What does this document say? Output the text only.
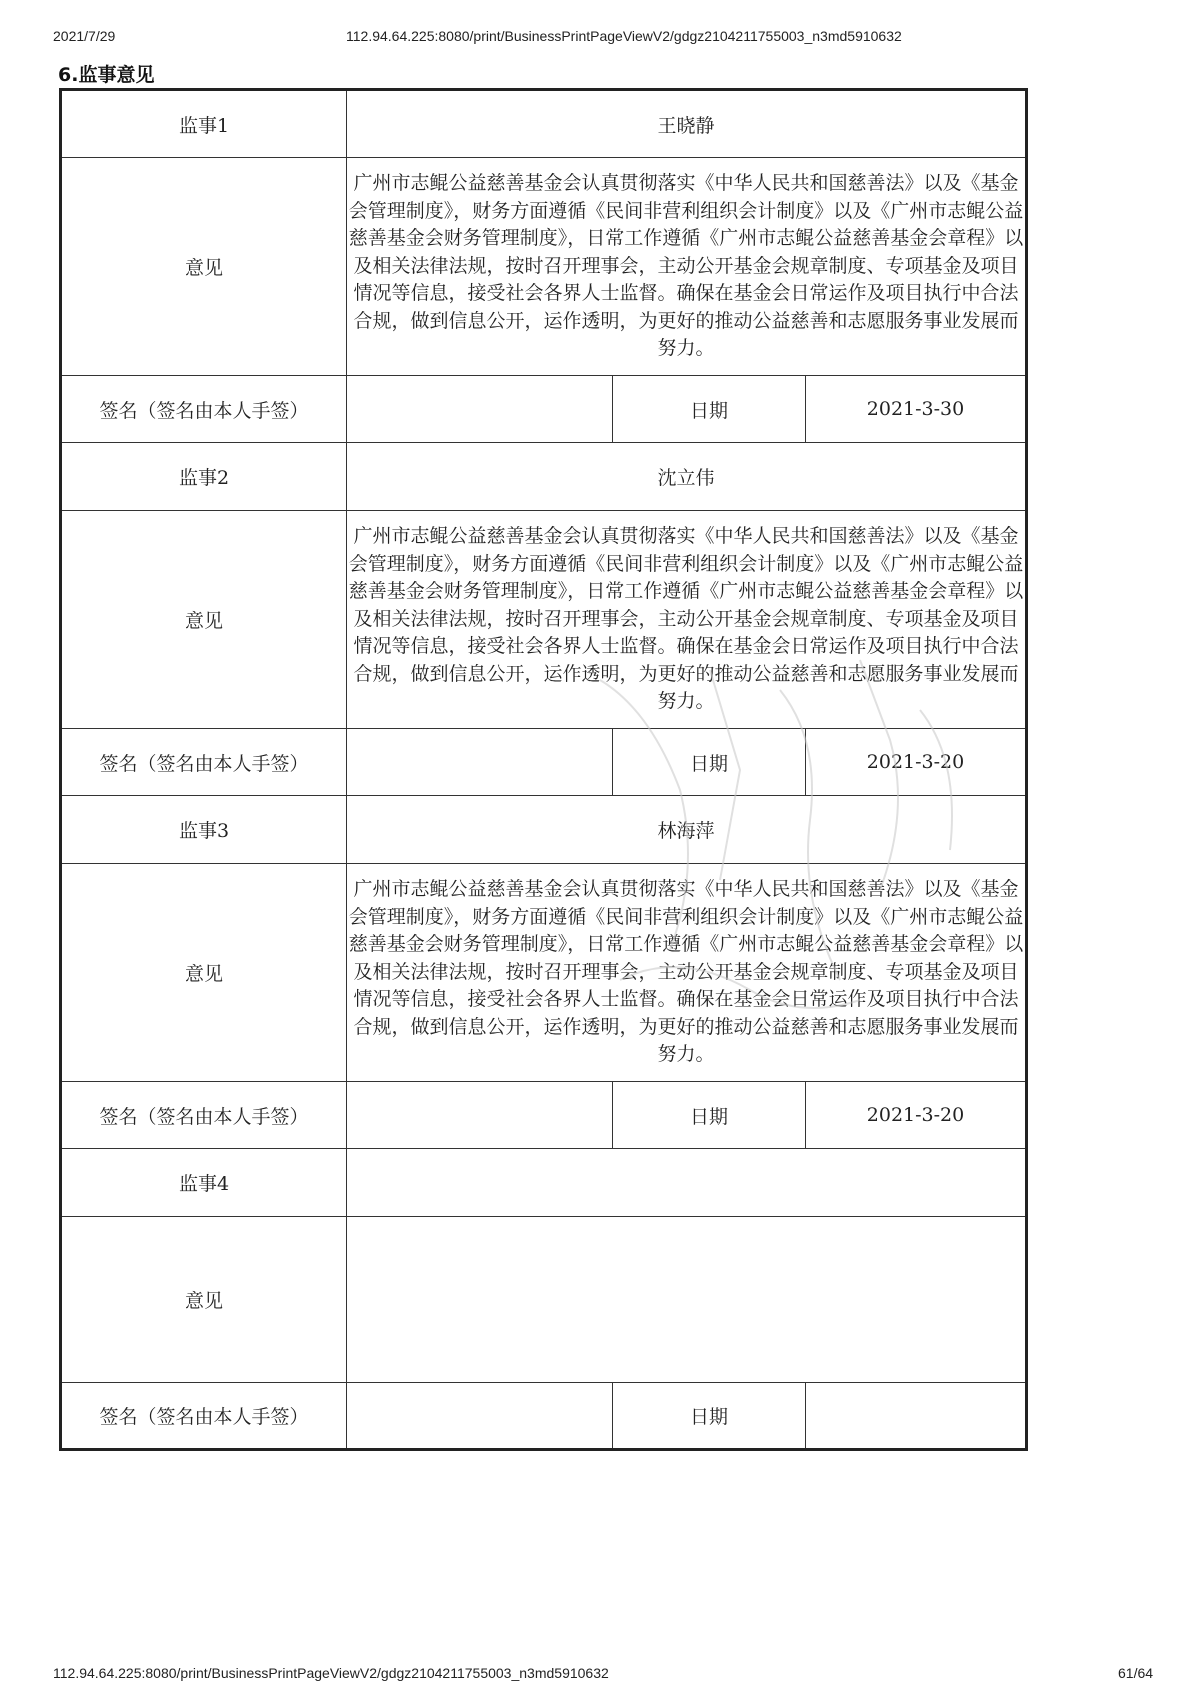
2021/7/29	112.94.64.225:8080/print/BusinessPrintPageViewV2/gdgz2104211755003_n3md5910632
6.监事意见
监事1	王晓静		
意见	广州市志鲲公益慈善基金会认真贯彻落实《中华人民共和国慈善法》以及《基金会管理制度》，财务方面遵循《民间非营利组织会计制度》以及《广州市志鲲公益慈善基金会财务管理制度》，日常工作遵循《广州市志鲲公益慈善基金会章程》以及相关法律法规，按时召开理事会，主动公开基金会规章制度、专项基金及项目情况等信息，接受社会各界人士监督。确保在基金会日常运作及项目执行中合法合规，做到信息公开，运作透明，为更好的推动公益慈善和志愿服务事业发展而努力。		
签名（签名由本人手签）		日期	2021-3-30
监事2	沈立伟		
意见	广州市志鲲公益慈善基金会认真贯彻落实《中华人民共和国慈善法》以及《基金会管理制度》，财务方面遵循《民间非营利组织会计制度》以及《广州市志鲲公益慈善基金会财务管理制度》，日常工作遵循《广州市志鲲公益慈善基金会章程》以及相关法律法规，按时召开理事会，主动公开基金会规章制度、专项基金及项目情况等信息，接受社会各界人士监督。确保在基金会日常运作及项目执行中合法合规，做到信息公开，运作透明，为更好的推动公益慈善和志愿服务事业发展而努力。		
签名（签名由本人手签）		日期	2021-3-20
监事3	林海萍		
意见	广州市志鲲公益慈善基金会认真贯彻落实《中华人民共和国慈善法》以及《基金会管理制度》，财务方面遵循《民间非营利组织会计制度》以及《广州市志鲲公益慈善基金会财务管理制度》，日常工作遵循《广州市志鲲公益慈善基金会章程》以及相关法律法规，按时召开理事会，主动公开基金会规章制度、专项基金及项目情况等信息，接受社会各界人士监督。确保在基金会日常运作及项目执行中合法合规，做到信息公开，运作透明，为更好的推动公益慈善和志愿服务事业发展而努力。		
签名（签名由本人手签）		日期	2021-3-20
监事4			
意见			
签名（签名由本人手签）		日期	
112.94.64.225:8080/print/BusinessPrintPageViewV2/gdgz2104211755003_n3md5910632	61/64
